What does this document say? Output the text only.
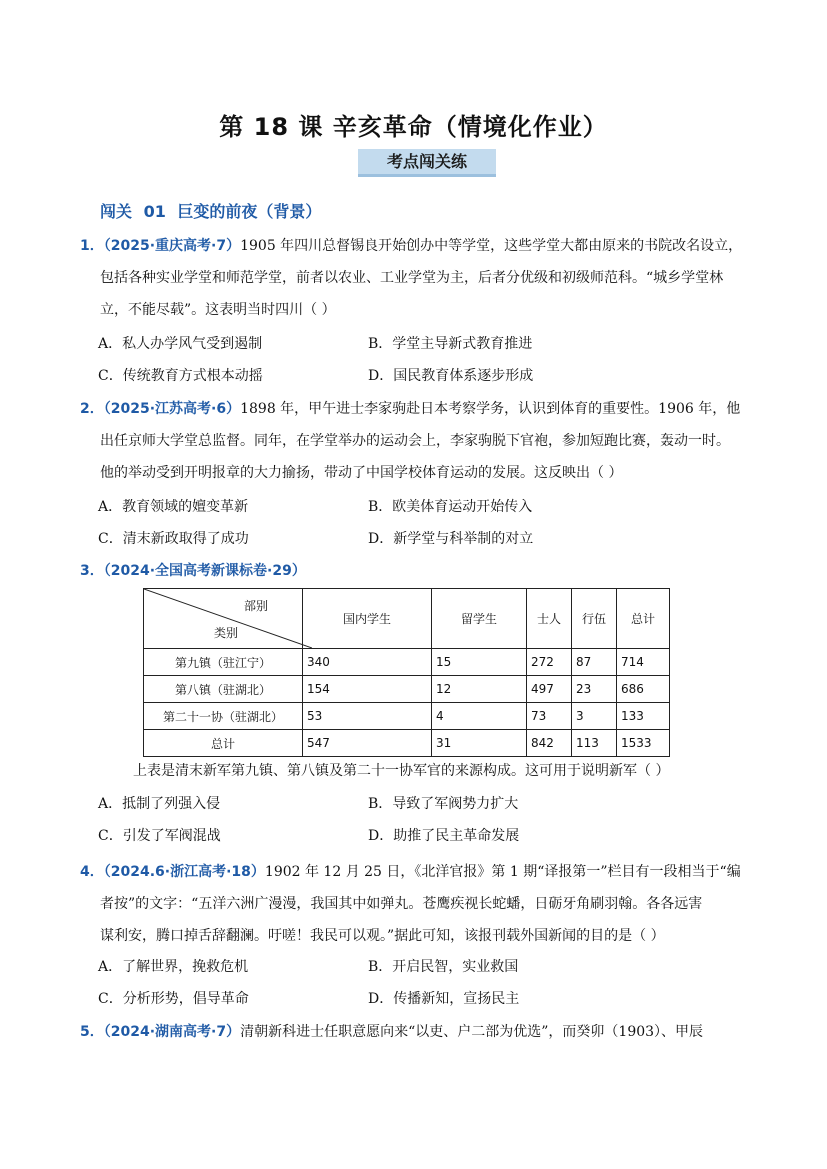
第 18 课 辛亥革命（情境化作业）
考点闯关练
闯关 01 巨变的前夜（背景）
1．（2025·重庆高考·7）1905 年四川总督锡良开始创办中等学堂，这些学堂大都由原来的书院改名设立，
包括各种实业学堂和师范学堂，前者以农业、工业学堂为主，后者分优级和初级师范科。“城乡学堂林
立，不能尽载”。这表明当时四川（ ）
A．私人办学风气受到遏制	B．学堂主导新式教育推进
C．传统教育方式根本动摇	D．国民教育体系逐步形成
2．（2025·江苏高考·6）1898 年，甲午进士李家驹赴日本考察学务，认识到体育的重要性。1906 年，他
出任京师大学堂总监督。同年，在学堂举办的运动会上，李家驹脱下官袍，参加短跑比赛，轰动一时。
他的举动受到开明报章的大力揄扬，带动了中国学校体育运动的发展。这反映出（ ）
A．教育领域的嬗变革新	B．欧美体育运动开始传入
C．清末新政取得了成功	D．新学堂与科举制的对立
3．（2024·全国高考新课标卷·29）
部别
类别	国内学生	留学生	士人	行伍	总计
第九镇（驻江宁）	340	15	272	87	714
第八镇（驻湖北）	154	12	497	23	686
第二十一协（驻湖北）	53	4	73	3	133
总计	547	31	842	113	1533
上表是清末新军第九镇、第八镇及第二十一协军官的来源构成。这可用于说明新军（ ）
A．抵制了列强入侵	B．导致了军阀势力扩大
C．引发了军阀混战	D．助推了民主革命发展
4．（2024.6·浙江高考·18）1902 年 12 月 25 日，《北洋官报》第 1 期“译报第一”栏目有一段相当于“编
者按”的文字：“五洋六洲广漫漫，我国其中如弹丸。苍鹰疾视长蛇蟠，日砺牙角刷羽翰。各各远害
谋利安，腾口掉舌辞翻澜。吁嗟！我民可以观。”据此可知，该报刊载外国新闻的目的是（ ）
A．了解世界，挽救危机	B．开启民智，实业救国
C．分析形势，倡导革命	D．传播新知，宣扬民主
5．（2024·湖南高考·7）清朝新科进士任职意愿向来“以吏、户二部为优选”，而癸卯（1903）、甲辰
